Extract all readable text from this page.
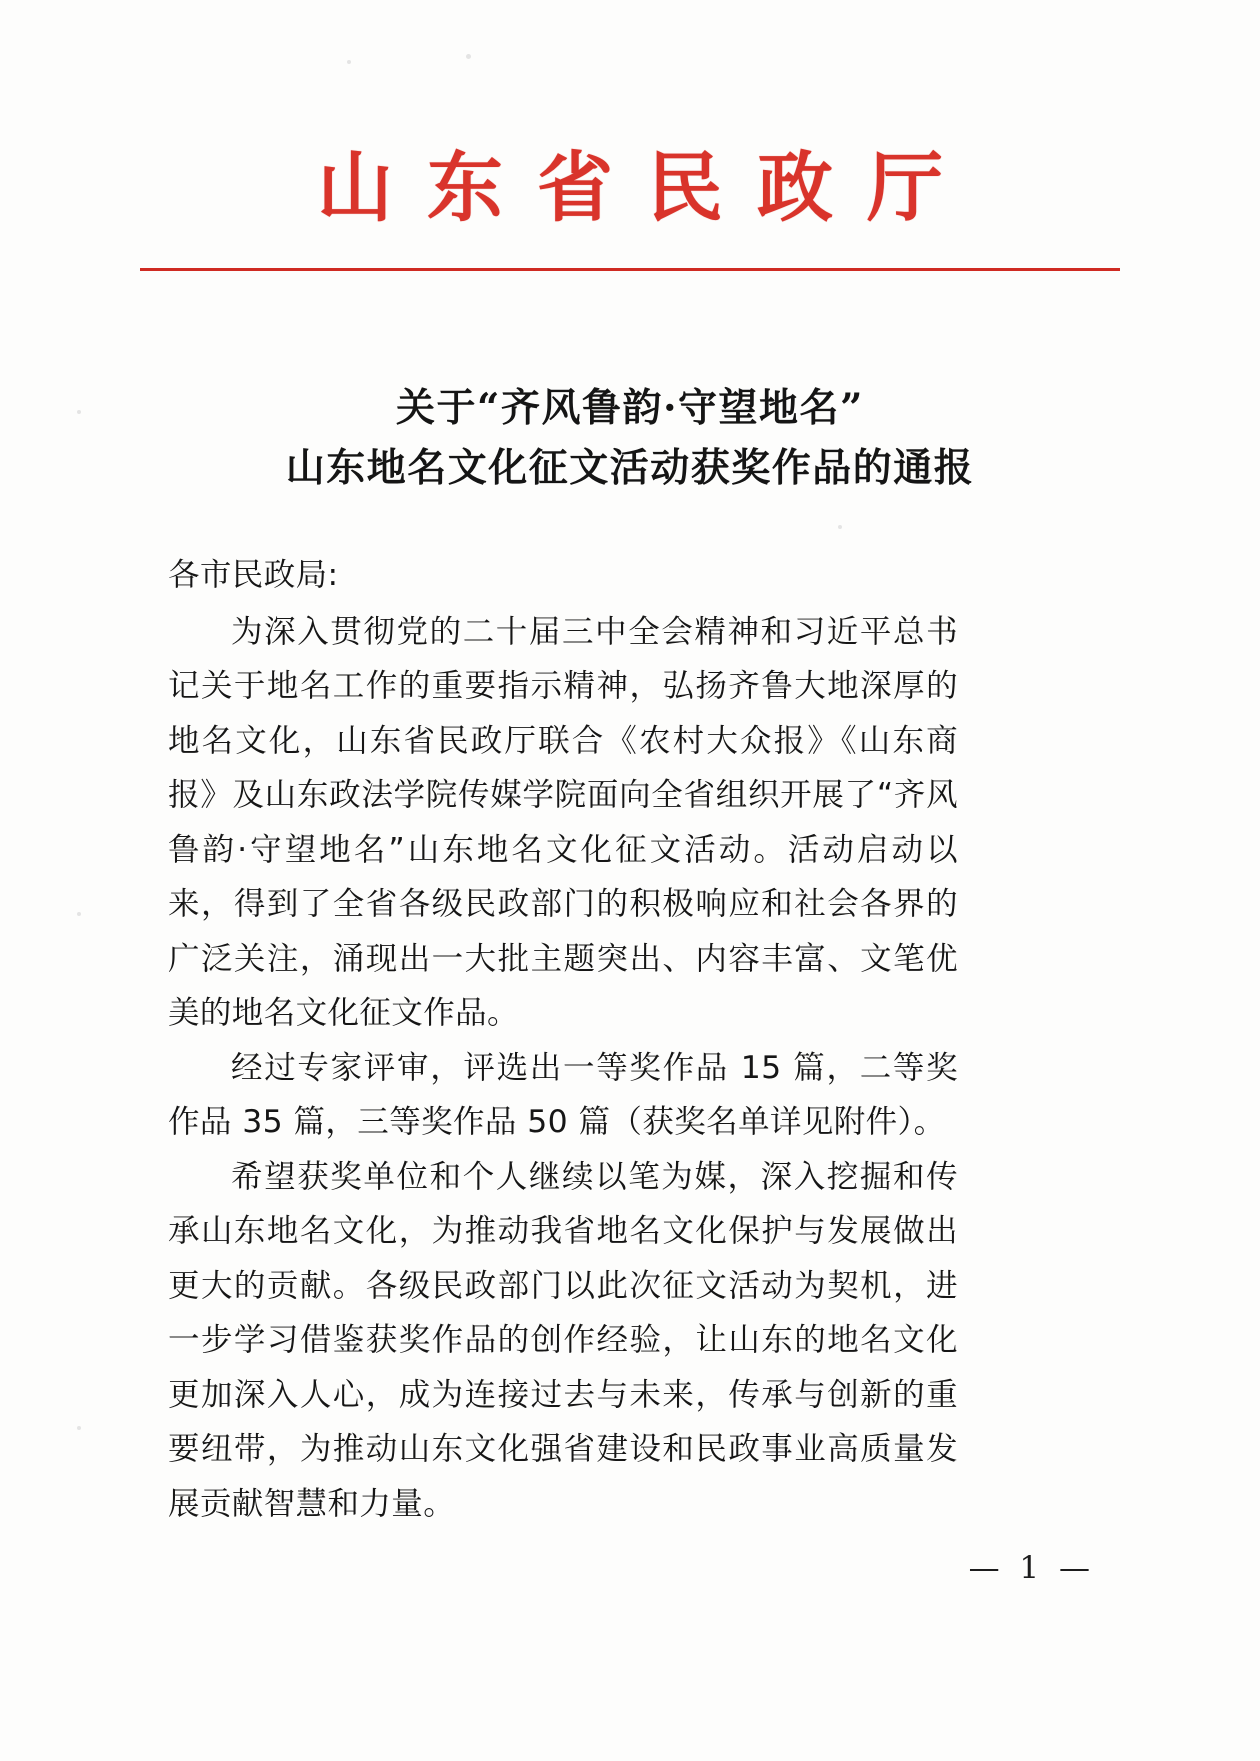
山东省民政厅
关于“齐风鲁韵·守望地名”
山东地名文化征文活动获奖作品的通报

各市民政局:

为深入贯彻党的二十届三中全会精神和习近平总书记关于地名工作的重要指示精神，弘扬齐鲁大地深厚的地名文化，山东省民政厅联合《农村大众报》《山东商报》及山东政法学院传媒学院面向全省组织开展了“齐风鲁韵·守望地名”山东地名文化征文活动。活动启动以来，得到了全省各级民政部门的积极响应和社会各界的广泛关注，涌现出一大批主题突出、内容丰富、文笔优美的地名文化征文作品。

经过专家评审，评选出一等奖作品 15 篇，二等奖作品 35 篇，三等奖作品 50 篇（获奖名单详见附件）。

希望获奖单位和个人继续以笔为媒，深入挖掘和传承山东地名文化，为推动我省地名文化保护与发展做出更大的贡献。各级民政部门以此次征文活动为契机，进一步学习借鉴获奖作品的创作经验，让山东的地名文化更加深入人心，成为连接过去与未来，传承与创新的重要纽带，为推动山东文化强省建设和民政事业高质量发展贡献智慧和力量。

— 1 —
